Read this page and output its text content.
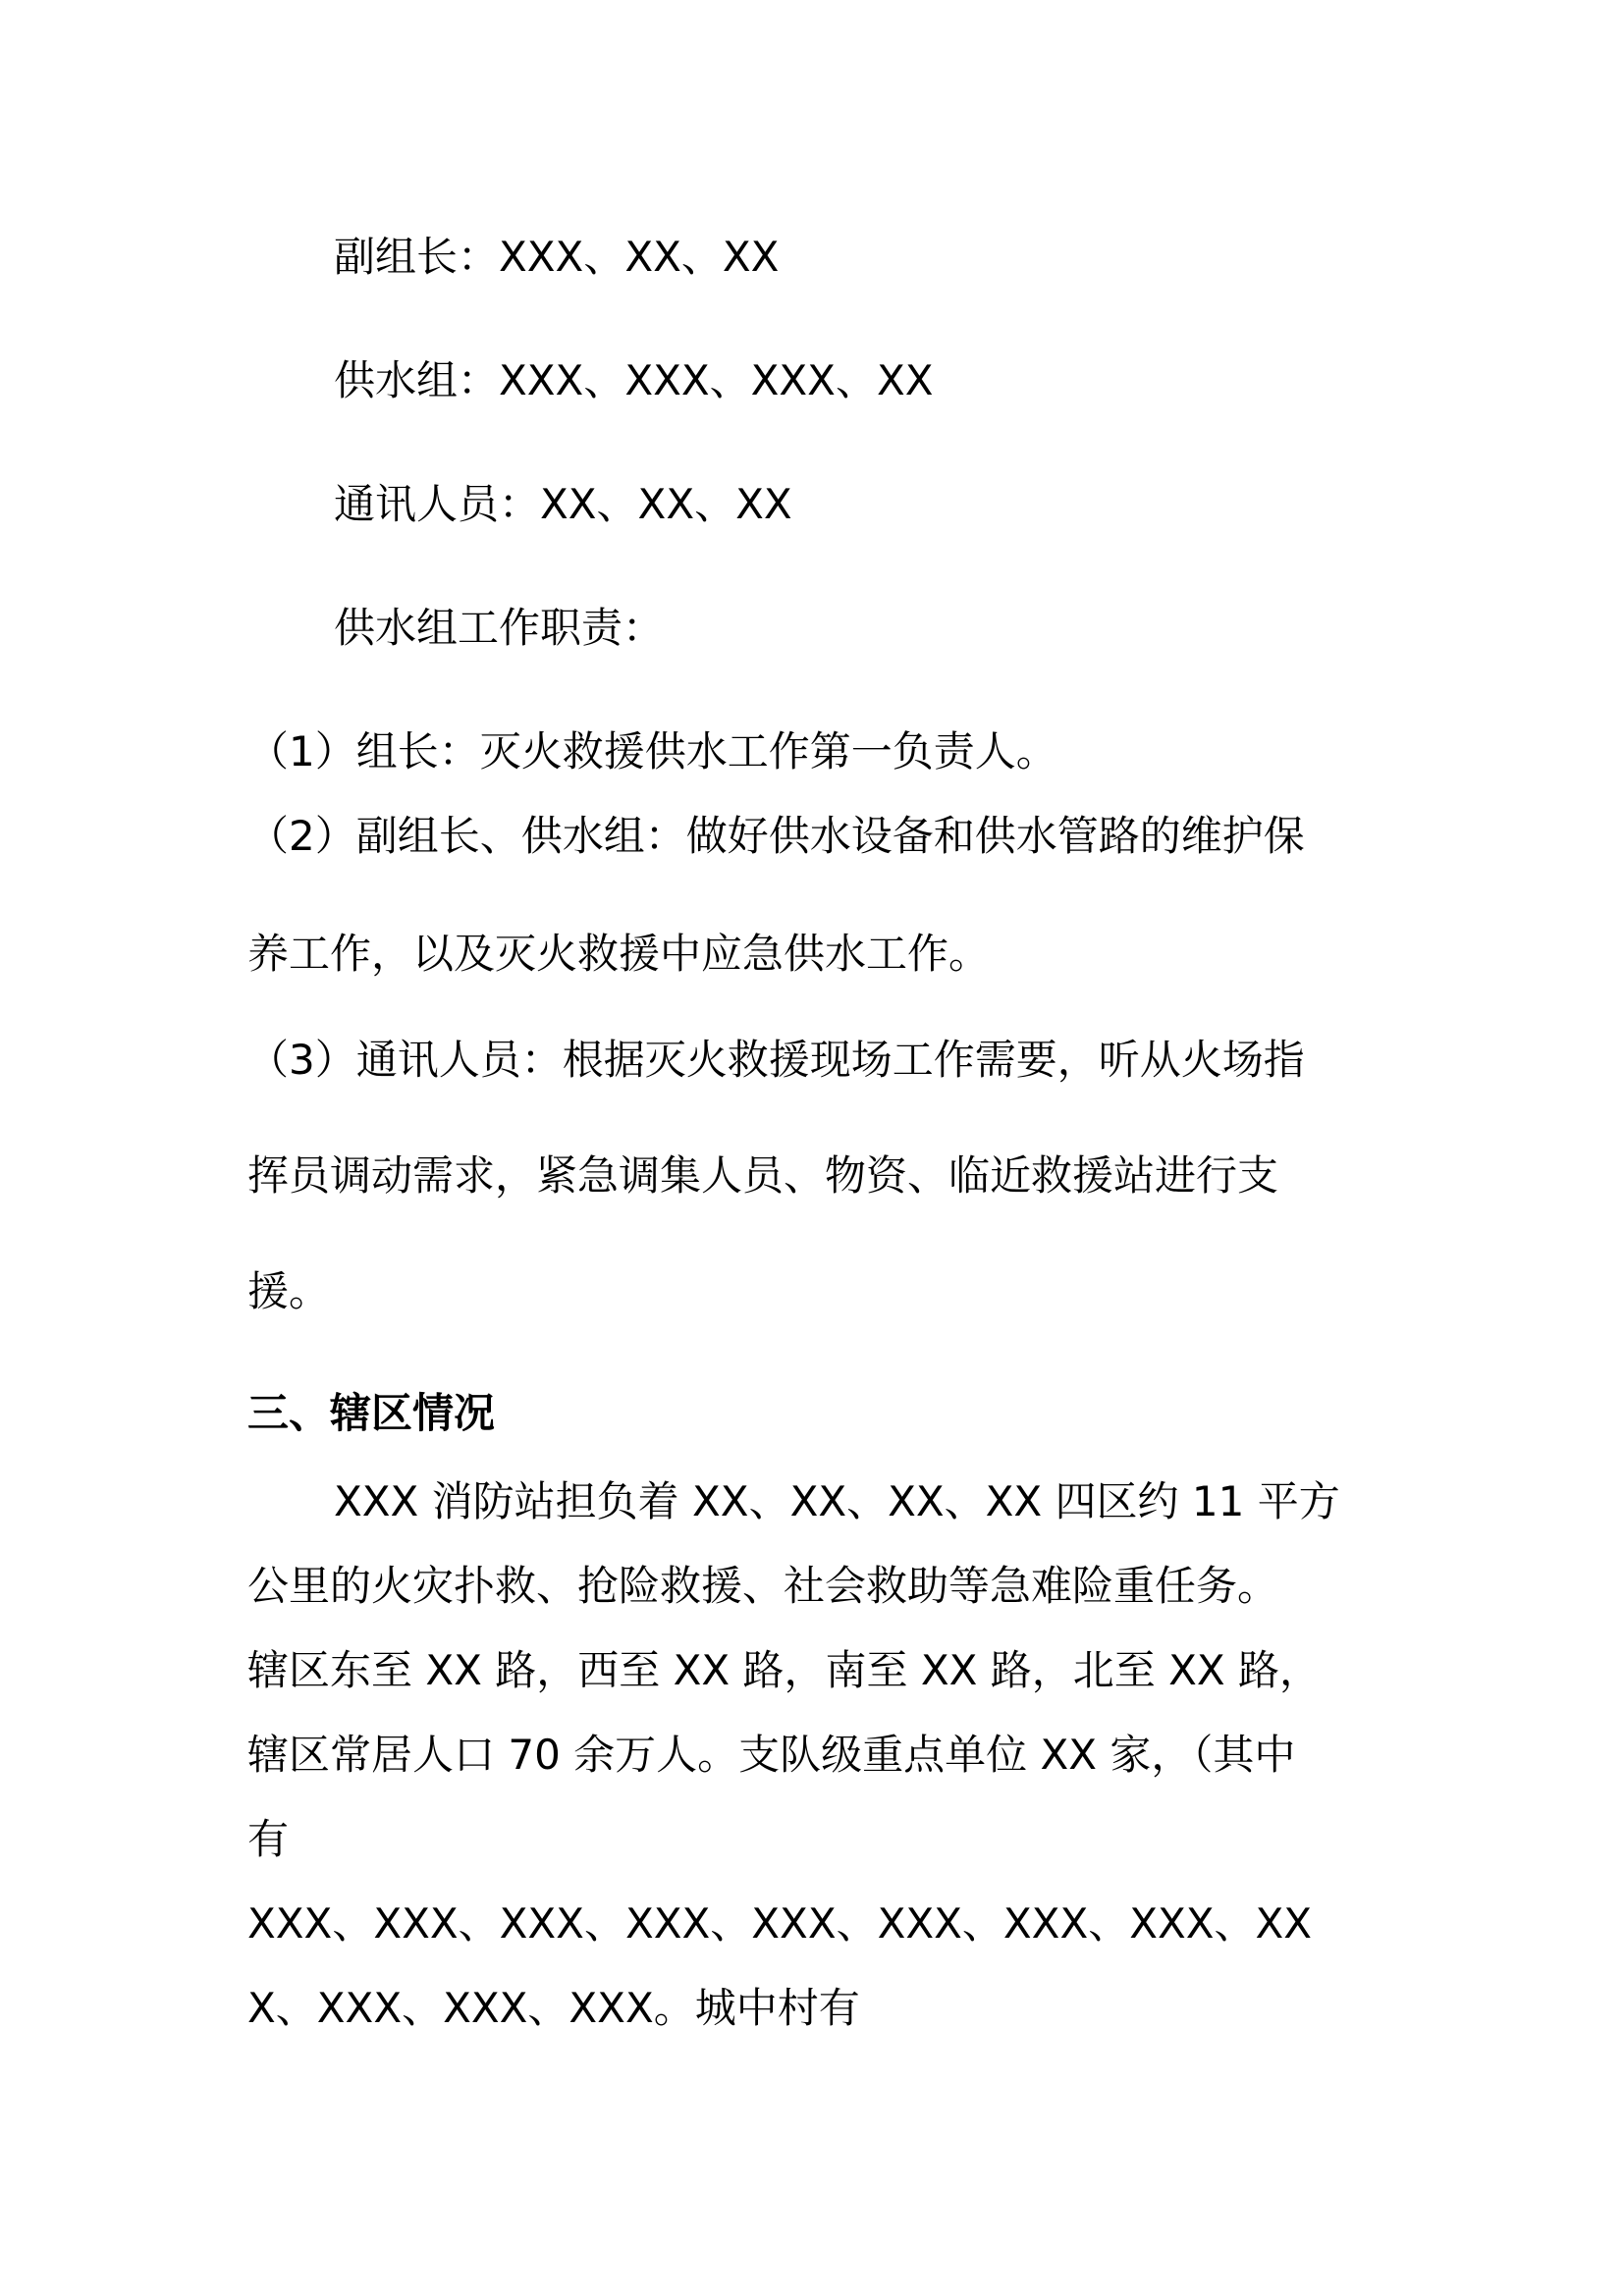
副组长：XXX、XX、XX
供水组：XXX、XXX、XXX、XX
通讯人员：XX、XX、XX
供水组工作职责：
（1）组长：灭火救援供水工作第一负责人。
（2）副组长、供水组：做好供水设备和供水管路的维护保
养工作，以及灭火救援中应急供水工作。
（3）通讯人员：根据灭火救援现场工作需要，听从火场指
挥员调动需求，紧急调集人员、物资、临近救援站进行支
援。
三、辖区情况
XXX 消防站担负着 XX、XX、XX、XX 四区约 11 平方
公里的火灾扑救、抢险救援、社会救助等急难险重任务。
辖区东至 XX 路，西至 XX 路，南至 XX 路，北至 XX 路，
辖区常居人口 70 余万人。支队级重点单位 XX 家，（其中
有
XXX、XXX、XXX、XXX、XXX、XXX、XXX、XXX、XX
X、XXX、XXX、XXX。城中村有
